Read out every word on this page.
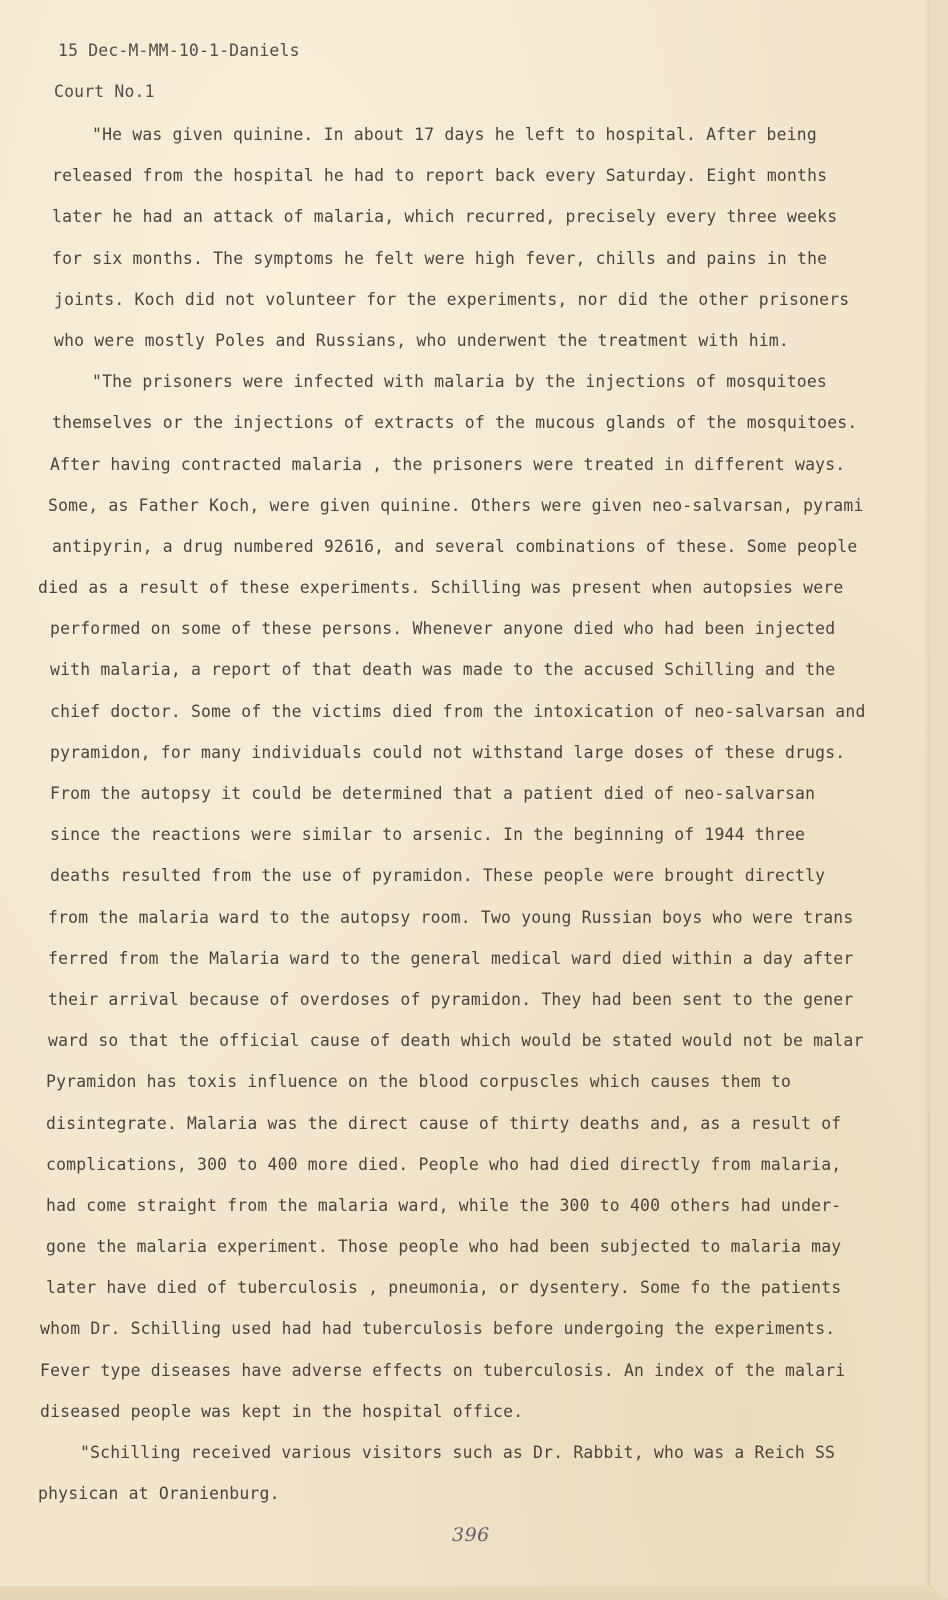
15 Dec-M-MM-10-1-Daniels
Court No.1
"He was given quinine. In about 17 days he left to hospital. After being
released from the hospital he had to report back every Saturday. Eight months
later he had an attack of malaria, which recurred, precisely every three weeks
for six months. The symptoms he felt were high fever, chills and pains in the
joints. Koch did not volunteer for the experiments, nor did the other prisoners
who were mostly Poles and Russians, who underwent the treatment with him.
"The prisoners were infected with malaria by the injections of mosquitoes
themselves or the injections of extracts of the mucous glands of the mosquitoes.
After having contracted malaria , the prisoners were treated in different ways.
Some, as Father Koch, were given quinine. Others were given neo-salvarsan, pyrami
antipyrin, a drug numbered 92616, and several combinations of these. Some people
died as a result of these experiments. Schilling was present when autopsies were
performed on some of these persons. Whenever anyone died who had been injected
with malaria, a report of that death was made to the accused Schilling and the
chief doctor. Some of the victims died from the intoxication of neo-salvarsan and
pyramidon, for many individuals could not withstand large doses of these drugs.
From the autopsy it could be determined that a patient died of neo-salvarsan
since the reactions were similar to arsenic. In the beginning of 1944 three
deaths resulted from the use of pyramidon. These people were brought directly
from the malaria ward to the autopsy room. Two young Russian boys who were trans
ferred from the Malaria ward to the general medical ward died within a day after
their arrival because of overdoses of pyramidon. They had been sent to the gener
ward so that the official cause of death which would be stated would not be malar
Pyramidon has toxis influence on the blood corpuscles which causes them to
disintegrate. Malaria was the direct cause of thirty deaths and, as a result of
complications, 300 to 400 more died. People who had died directly from malaria,
had come straight from the malaria ward, while the 300 to 400 others had under-
gone the malaria experiment. Those people who had been subjected to malaria may
later have died of tuberculosis , pneumonia, or dysentery. Some fo the patients
whom Dr. Schilling used had had tuberculosis before undergoing the experiments.
Fever type diseases have adverse effects on tuberculosis. An index of the malari
diseased people was kept in the hospital office.
"Schilling received various visitors such as Dr. Rabbit, who was a Reich SS
physican at Oranienburg.
396
